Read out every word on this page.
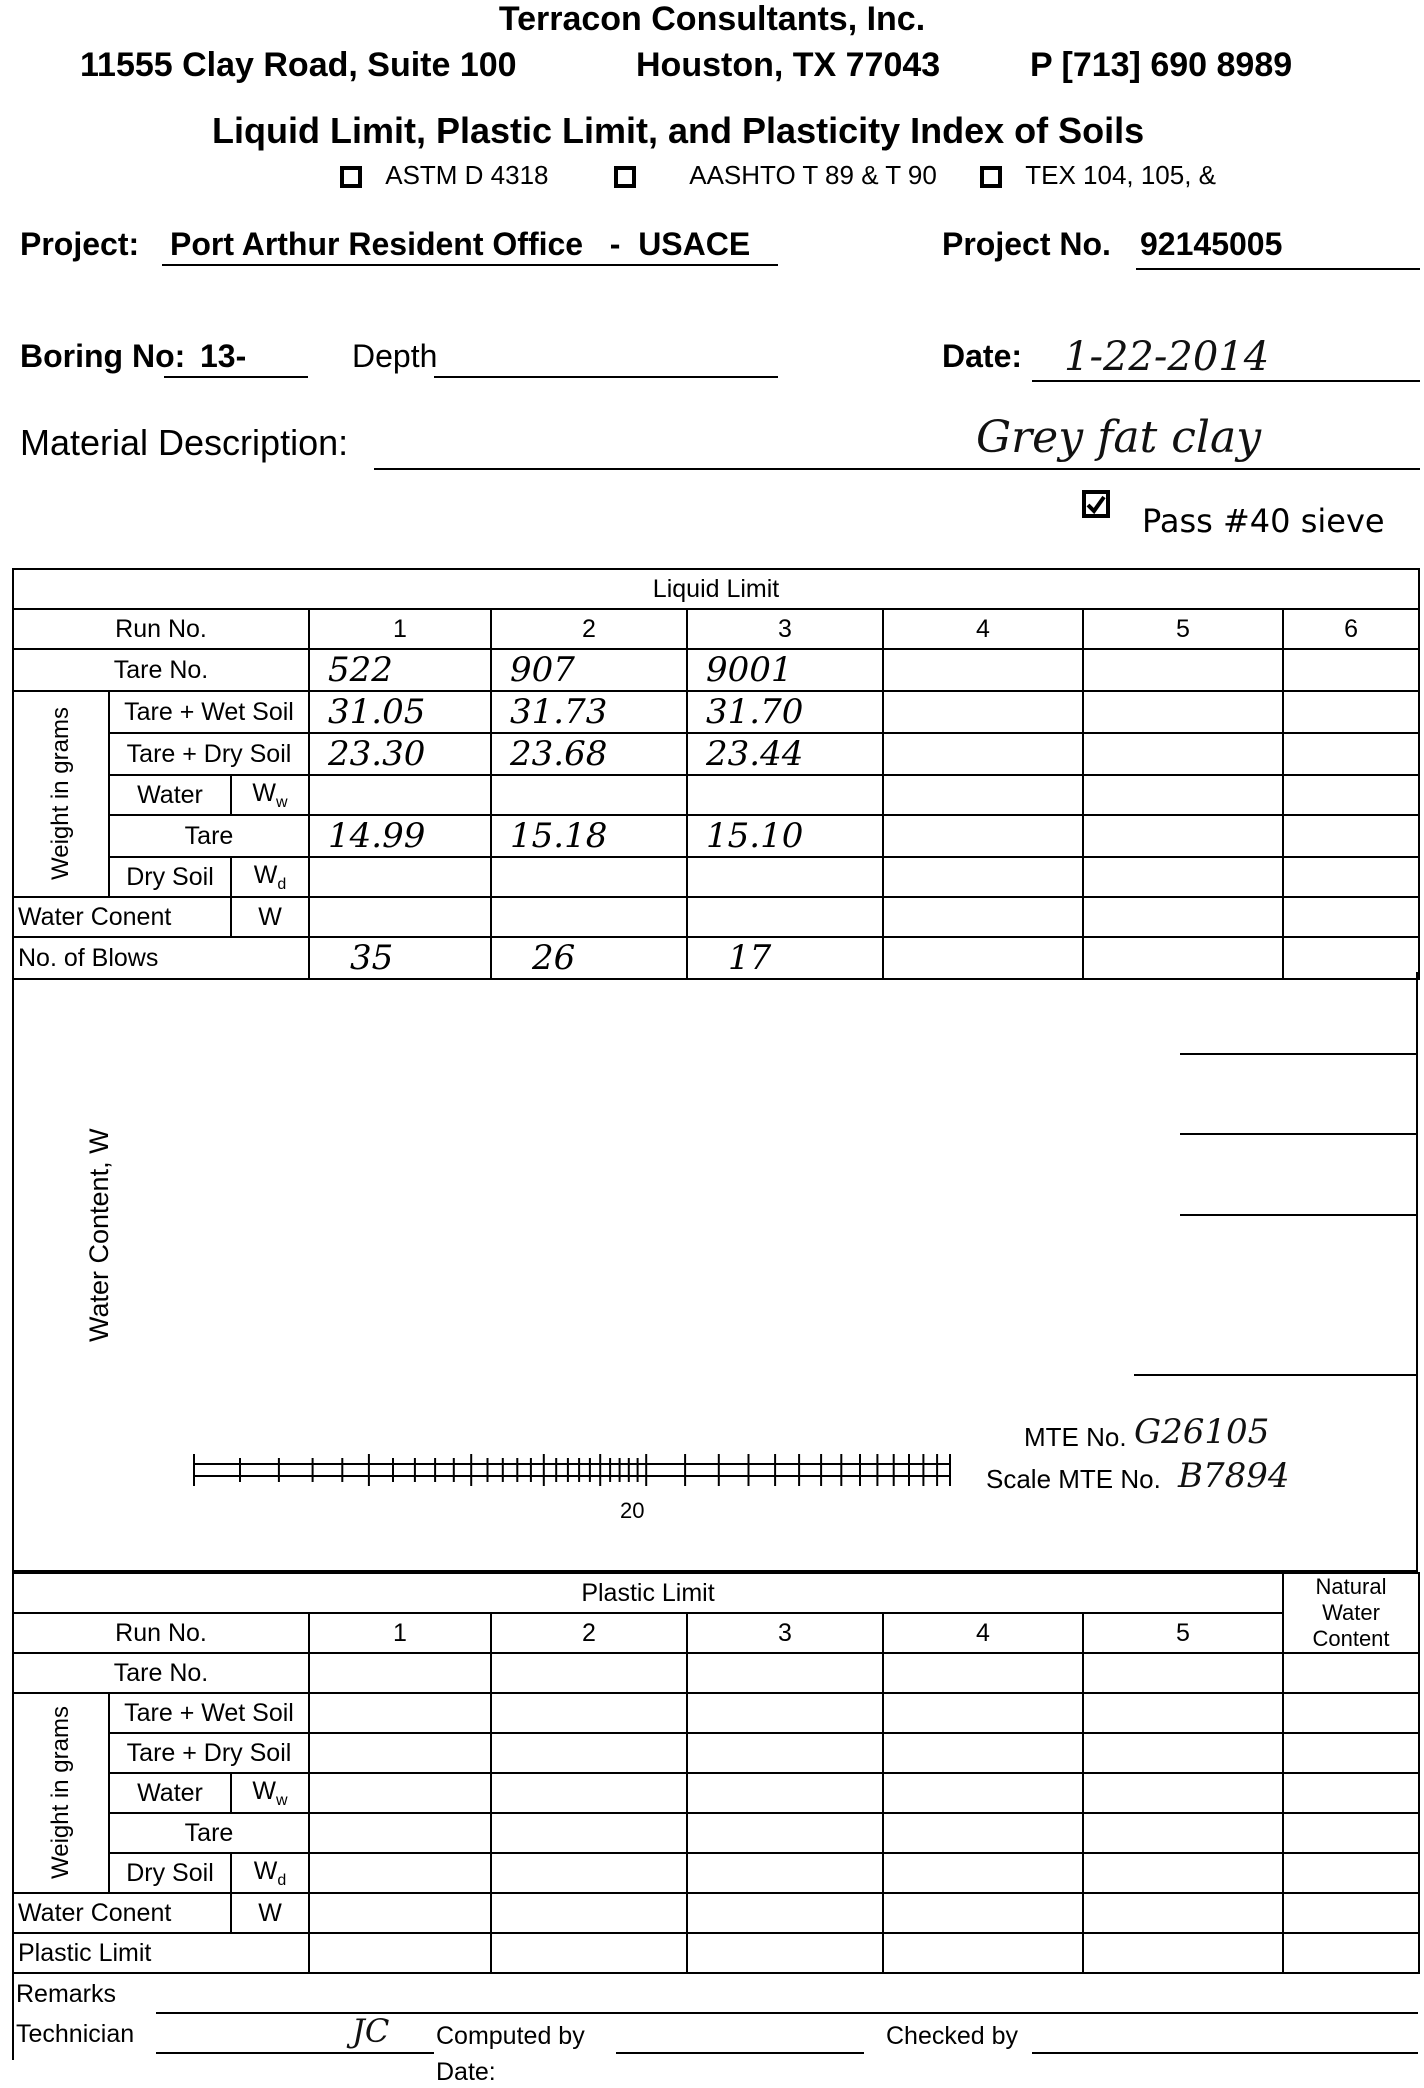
Terracon Consultants, Inc.
11555 Clay Road, Suite 100	Houston, TX 77043	P [713] 690 8989
Liquid Limit, Plastic Limit, and Plasticity Index of Soils
ASTM D 4318	AASHTO T 89 & T 90	TEX 104, 105, &
Project: Port Arthur Resident Office   -  USACE	Project No. 92145005
Boring No: 13-	Depth	Date: 1-22-2014
Material Description:	Grey fat clay
Pass #40 sieve
Liquid Limit								
Run No.			1	2	3	4	5	6
Tare No.			522	907	9001			

Weight in grams	Tare + Wet Soil		31.05	31.73	31.70			
	Tare + Dry Soil		23.30	23.68	23.44			
	Water	$W_w$						
	Tare		14.99	15.18	15.10			
	Dry Soil	$W_d$						
Water Conent		W						
No. of Blows			35	26	17			
Water Content, W
20
MTE No. G26105
Scale MTE No. B7894
Plastic Limit								Natural Water Content
Run No.			1	2	3	4	5	
Tare No.								

Weight in grams	Tare + Wet Soil							
	Tare + Dry Soil							
	Water	$W_w$						
	Tare							
	Dry Soil	$W_d$						
Water Conent		W						
Plastic Limit								
Remarks
Technician	JC Computed by	Checked by
Date:
